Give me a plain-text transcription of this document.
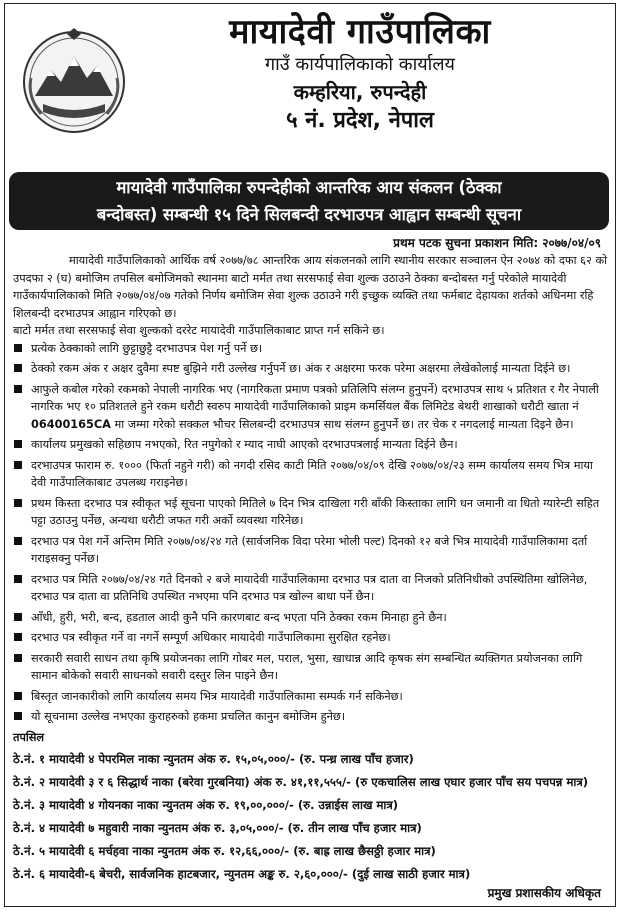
मायादेवी गाउँपालिका
गाउँ कार्यपालिकाको कार्यालय
कम्हरिया, रुपन्देही
५ नं. प्रदेश, नेपाल
मायादेवी गाउँपालिका रुपन्देहीको आन्तरिक आय संकलन (ठेक्का
बन्दोबस्त) सम्बन्धी १५ दिने सिलबन्दी दरभाउपत्र आह्वान सम्बन्धी सूचना
प्रथम पटक सुचना प्रकाशन मिति: २०७७/०४/०९

मायादेवी गाउँपालिकाको आर्थिक वर्ष २०७७/७८ आन्तरिक आय संकलनको लागि स्थानीय सरकार सञ्चालन ऐन २०७४ को दफा ६२ को उपदफा २ (घ) बमोजिम तपसिल बमोजिमको स्थानमा बाटो मर्मत तथा सरसफाई सेवा शुल्क उठाउने ठेक्का बन्दोबस्त गर्नु परेकोले मायादेवी गाउँकार्यपालिकाको मिति २०७७/०४/०७ गतेको निर्णय बमोजिम सेवा शुल्क उठाउने गरी इच्छुक व्यक्ति तथा फर्मबाट देहायका शर्तको अधिनमा रहि शिलबन्दी दरभाउपत्र आह्वान गरिएको छ।

बाटो मर्मत तथा सरसफाई सेवा शुल्कको दररेट मायादेवी गाउँपालिकाबाट प्राप्त गर्न सकिने छ।

प्रत्येक ठेक्काको लागि छुट्टाछुट्टै दरभाउपत्र पेश गर्नु पर्ने छ।
ठेक्को रकम अंक र अक्षर दुवैमा स्पष्ट बुझिने गरी उल्लेख गर्नुपर्ने छ। अंक र अक्षरमा फरक परेमा अक्षरमा लेखेकोलाई मान्यता दिईने छ।
आफुले कबोल गरेको रकमको नेपाली नागरिक भए (नागरिकता प्रमाण पत्रको प्रतिलिपि संलग्न हुनुपर्ने) दरभाउपत्र साथ ५ प्रतिशत र गैर नेपाली नागरिक भए १० प्रतिशतले हुने रकम धरौटी स्वरुप मायादेवी गाउँपालिकाको प्राइम कमर्सियल बैंक लिमिटेड बेथरी शाखाको धरौटी खाता नं
06400165CA मा जम्मा गरेको सक्कल भौचर सिलबन्दी दरभाउपत्र साथ संलग्न हुनुपर्ने छ। तर चेक र नगदलाई मान्यता दिइने छैन।
कार्यालय प्रमुखको सहिछाप नभएको, रित नपुगेको र म्याद नाघी आएको दरभाउपत्रलाई मान्यता दिईने छैन।
दरभाउपत्र फाराम रु. १००० (फिर्ता नहुने गरी) को नगदी रसिद काटी मिति २०७७/०४/०९ देखि २०७७/०४/२३ सम्म कार्यालय समय भित्र माया देवी गाउँपालिकाबाट उपलब्ध गराइनेछ।
प्रथम किस्ता दरभाउ पत्र स्वीकृत भई सूचना पाएको मितिले ७ दिन भित्र दाखिला गरी बाँकी किस्ताका लागि धन जमानी वा धितो ग्यारेन्टी सहित पट्टा उठाउनु पर्नेछ, अन्यथा धरौटी जफत गरी अर्को व्यवस्था गरिनेछ।
दरभाउ पत्र पेश गर्ने अन्तिम मिति २०७७/०४/२४ गते (सार्वजनिक विदा परेमा भोली पल्ट) दिनको १२ बजे भित्र मायादेवी गाउँपालिकामा दर्ता गराइसक्नु पर्नेछ।
दरभाउ पत्र मिति २०७७/०४/२४ गते दिनको २ बजे मायादेवी गाउँपालिकामा दरभाउ पत्र दाता वा निजको प्रतिनिधीको उपस्थितिमा खोलिनेछ, दरभाउ पत्र दाता वा प्रतिनिधि उपस्थित नभएमा पनि दरभाउ पत्र खोल्न बाधा पर्ने छैन।
आँधी, हुरी, भरी, बन्द, हडताल आदी कुनै पनि कारणबाट बन्द भएता पनि ठेक्का रकम मिनाहा हुने छैन।
दरभाउ पत्र स्वीकृत गर्ने वा नगर्ने सम्पूर्ण अधिकार मायादेवी गाउँपालिकामा सुरक्षित रहनेछ।
सरकारी सवारी साधन तथा कृषि प्रयोजनका लागि गोबर मल, पराल, भुसा, खाधान्न आदि कृषक संग सम्बन्धित ब्यक्तिगत प्रयोजनका लागि सामान बोकेको सवारी साधनको सवारी दस्तुर लिन पाइने छैन।
बिस्तृत जानकारीको लागि कार्यालय समय भित्र मायादेवी गाउँपालिकामा सम्पर्क गर्न सकिनेछ।
यो सूचनामा उल्लेख नभएका कुराहरुको हकमा प्रचलित कानुन बमोजिम हुनेछ।
तपसिल
ठे.नं. १ मायादेवी ४ पेपरमिल नाका न्युनतम अंक रु. १५,०५,०००/- (रु. पन्ध्र लाख पाँच हजार)
ठे.नं. २ मायादेवी ३ र ६ सिद्धार्थ नाका (बरेवा गुरबनिया) अंक रु. ४१,११,५५५/- (रु एकचालिस लाख एघार हजार पाँच सय पचपन्न मात्र)
ठे.नं. ३ मायादेवी ४ गोयनका नाका न्युनतम अंक रु. १९,००,०००/- (रु. उन्नाईस लाख मात्र)
ठे.नं. ४ मायादेवी ७ महुवारी नाका न्युनतम अंक रु. ३,०५,०००/- (रु. तीन लाख पाँच हजार मात्र)
ठे.नं. ५ मायादेवी ६ मर्चहवा नाका न्युनतम अंक रु. १२,६६,०००/- (रु. बाह्र लाख छैसठ्ठी हजार मात्र)
ठे.नं. ६ मायादेवी-६ बेचरी, सार्वजनिक हाटबजार, न्युनतम अङ्क रु. २,६०,०००/- (दुई लाख साठी हजार मात्र)
प्रमुख प्रशासकीय अधिकृत
